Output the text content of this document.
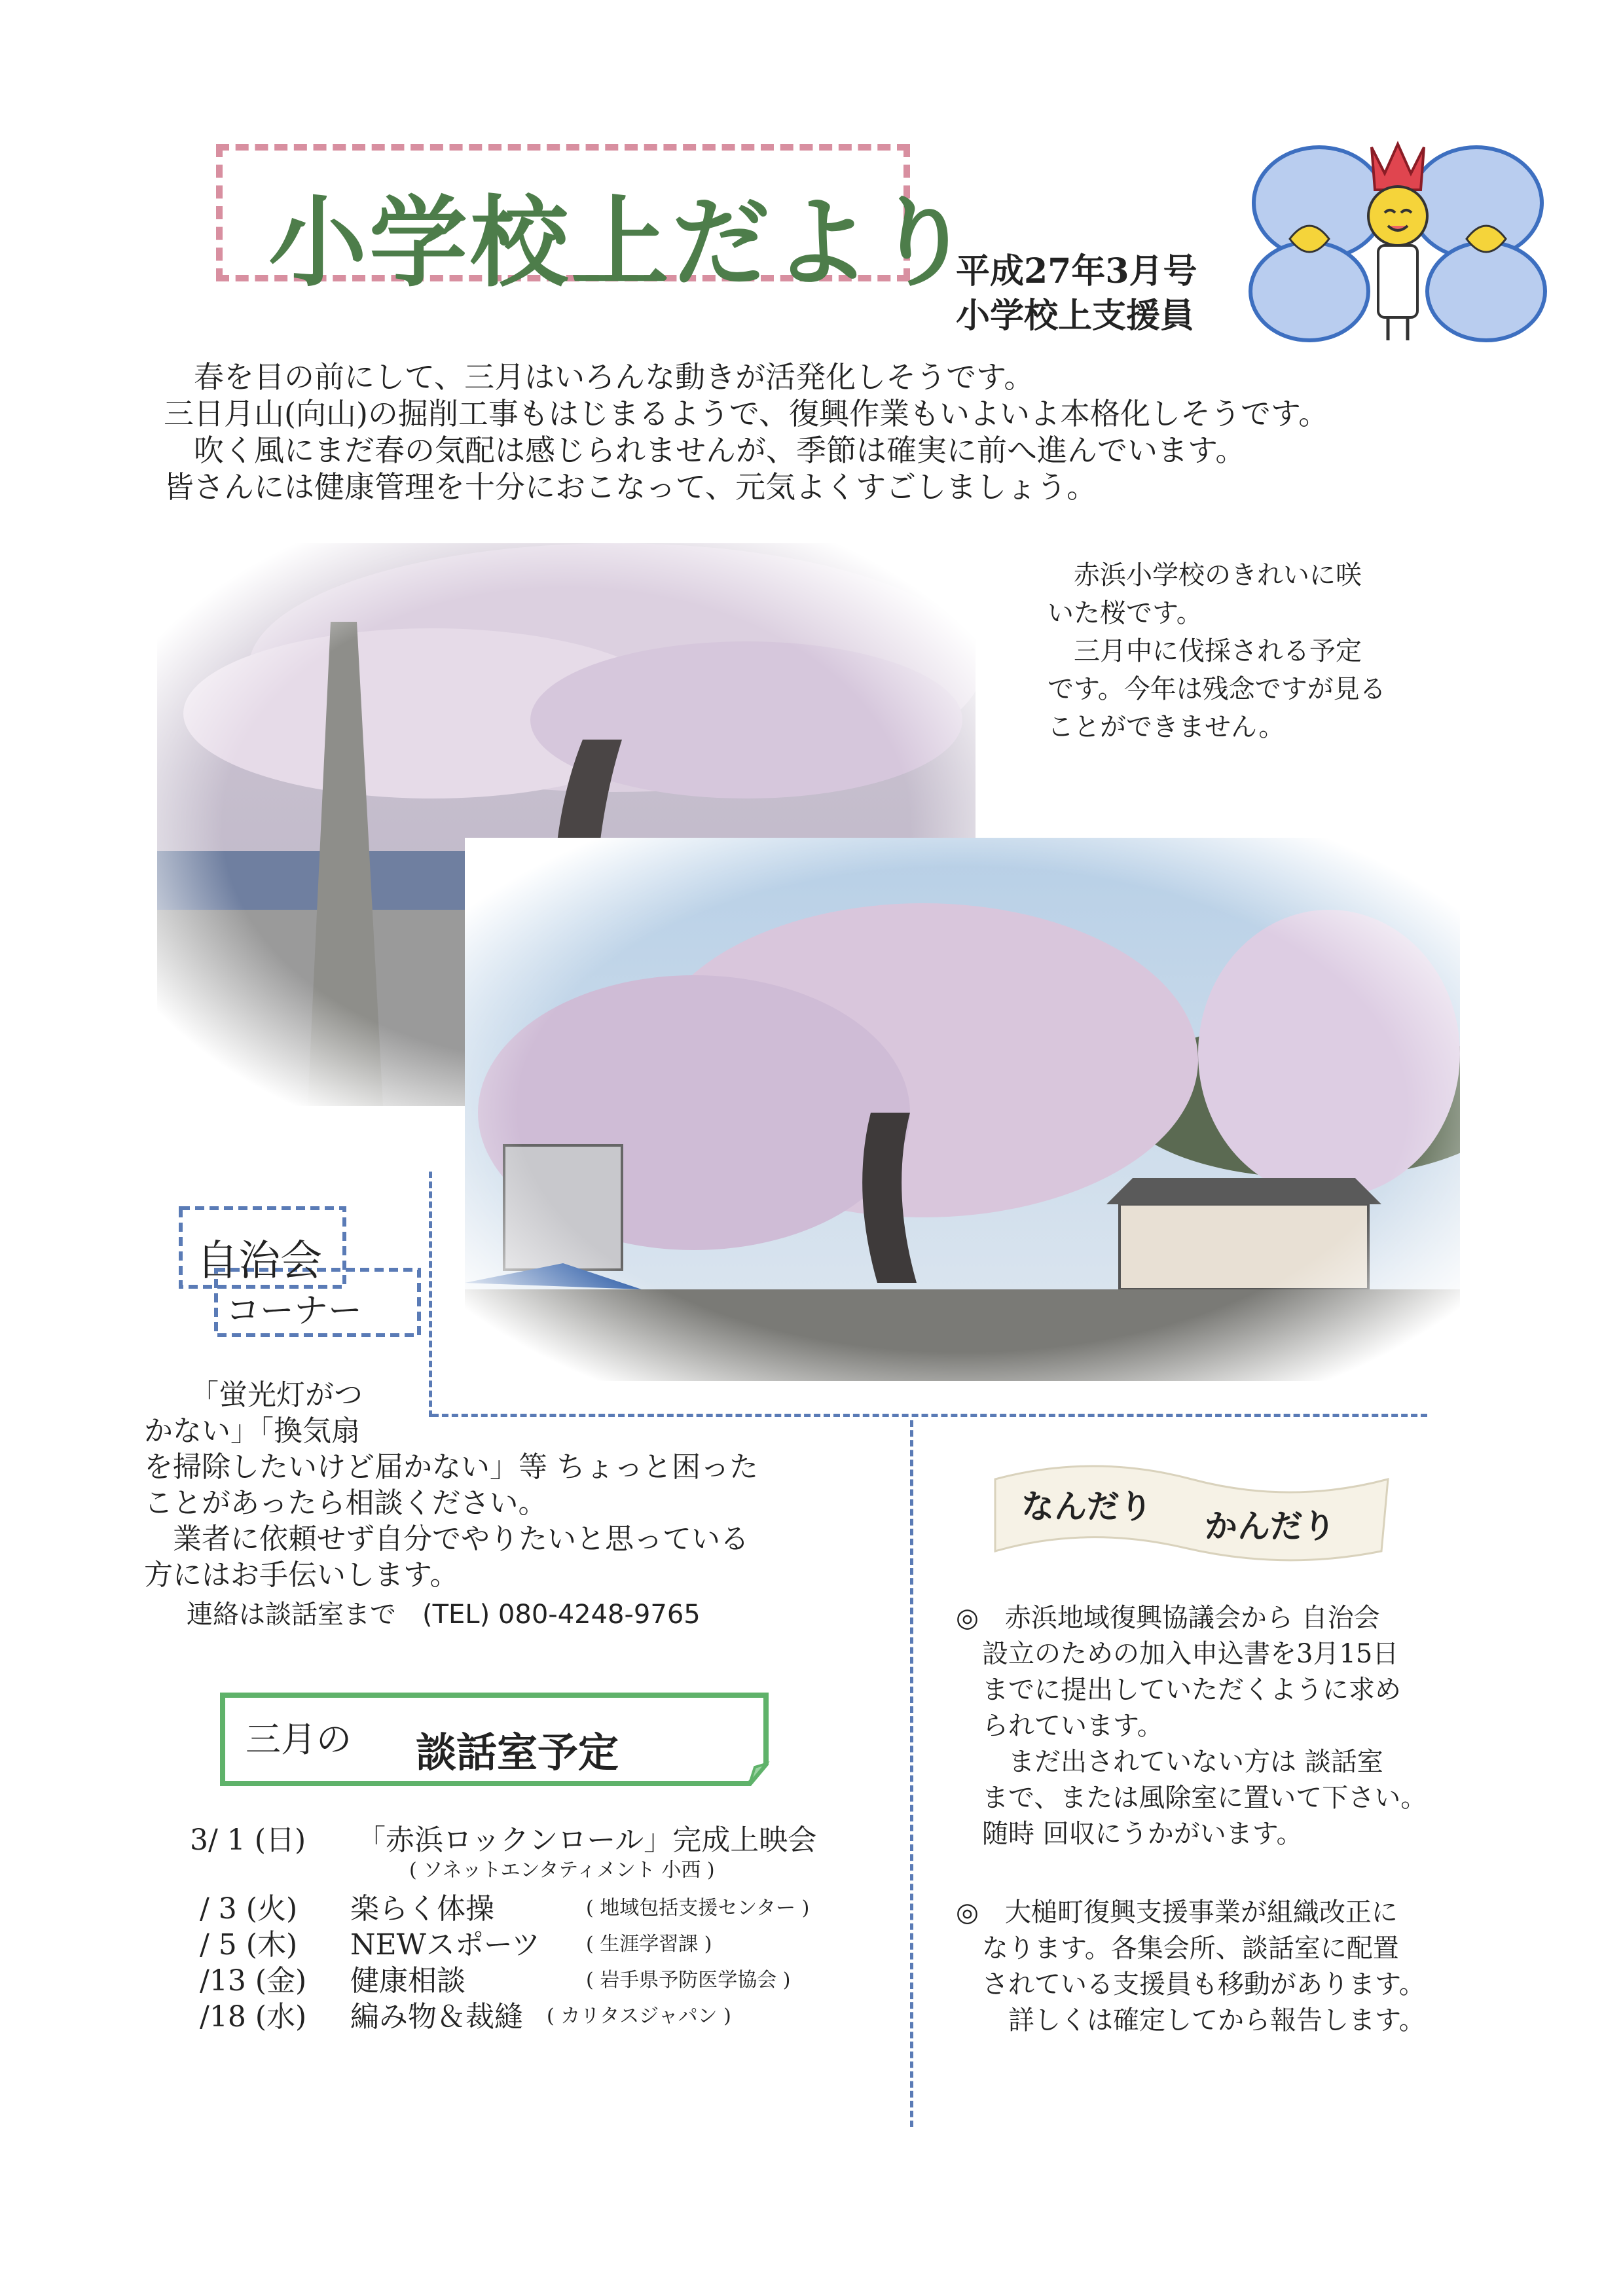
小学校上だより
平成27年3月号
小学校上支援員
　春を目の前にして、三月はいろんな動きが活発化しそうです。
三日月山(向山)の掘削工事もはじまるようで、復興作業もいよいよ本格化しそうです。
　吹く風にまだ春の気配は感じられませんが、季節は確実に前へ進んでいます。
皆さんには健康管理を十分におこなって、元気よくすごしましょう。
　赤浜小学校のきれいに咲
いた桜です。
　三月中に伐採される予定
です。今年は残念ですが見る
ことができません。
自治会
コーナー
「蛍光灯がつ
かない」「換気扇
を掃除したいけど届かない」等 ちょっと困った
ことがあったら相談ください。
　業者に依頼せず自分でやりたいと思っている
方にはお手伝いします。
連絡は談話室まで　(TEL) 080-4248-9765
なんだり
かんだり
◎　赤浜地域復興協議会から 自治会
　設立のための加入申込書を3月15日
　までに提出していただくように求め
　られています。
　　まだ出されていない方は 談話室
　まで、または風除室に置いて下さい。
　随時 回収にうかがいます。
◎　大槌町復興支援事業が組織改正に
　なります。各集会所、談話室に配置
　されている支援員も移動があります。
　　詳しくは確定してから報告します。
三月の 談話室予定
3/ 1 (日) 「赤浜ロックンロール」完成上映会
( ソネットエンタティメント 小西 )
/ 3 (火) 楽らく体操	( 地域包括支援センター )
/ 5 (木) NEWスポーツ ( 生涯学習課 )
/13 (金) 健康相談	( 岩手県予防医学協会 )
/18 (水) 編み物＆裁縫 ( カリタスジャパン )
